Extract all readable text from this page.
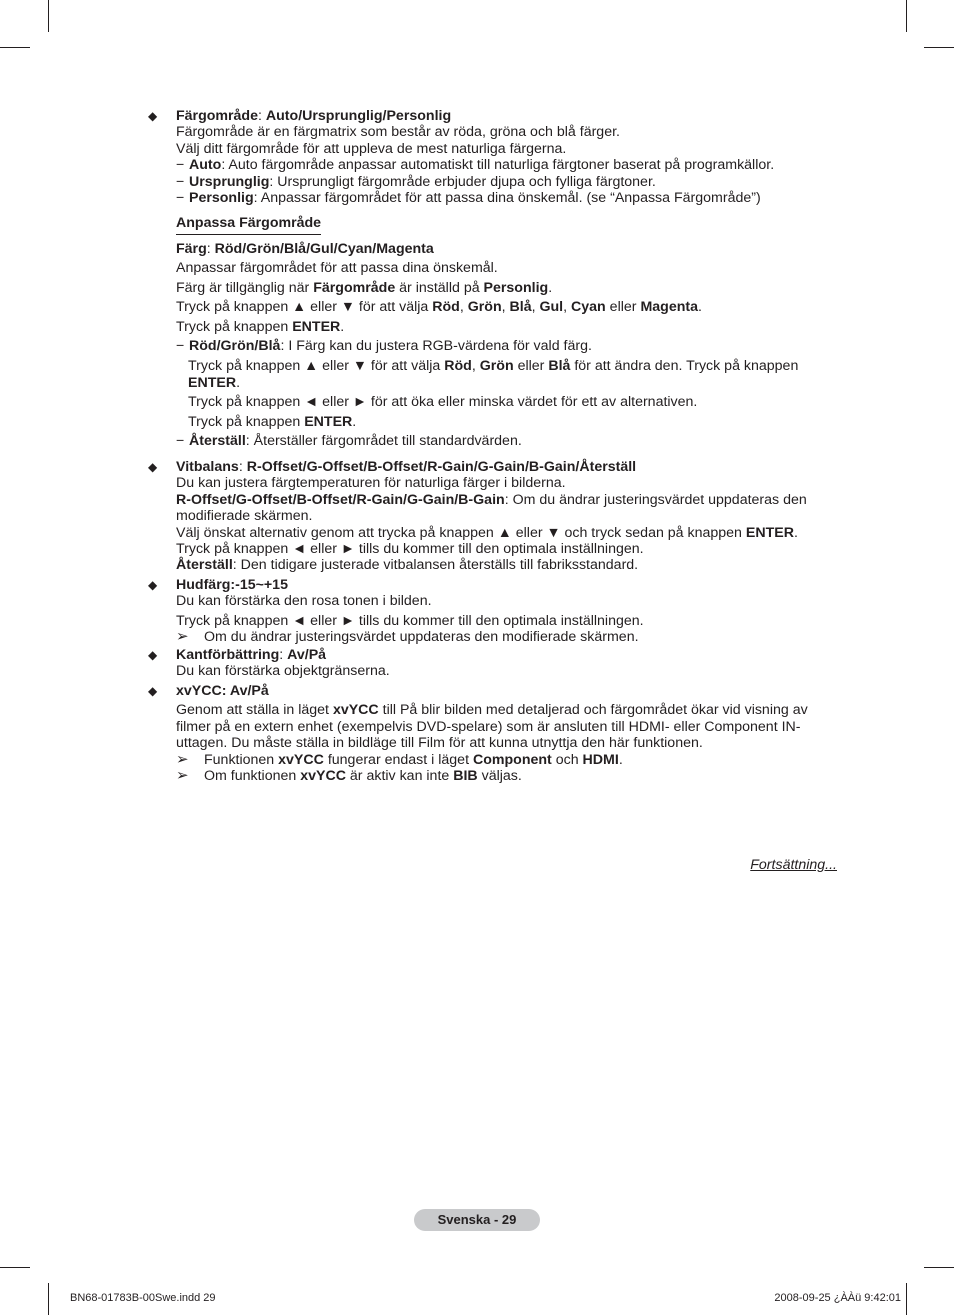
◆ Färgområde: Auto/Ursprunglig/Personlig
Färgområde är en färgmatrix som består av röda, gröna och blå färger.
Välj ditt färgområde för att uppleva de mest naturliga färgerna.
− Auto: Auto färgområde anpassar automatiskt till naturliga färgtoner baserat på programkällor.
− Ursprunglig: Ursprungligt färgområde erbjuder djupa och fylliga färgtoner.
− Personlig: Anpassar färgområdet för att passa dina önskemål. (se “Anpassa Färgområde”)
Anpassa Färgområde
Färg: Röd/Grön/Blå/Gul/Cyan/Magenta
Anpassar färgområdet för att passa dina önskemål.
Färg är tillgänglig när Färgområde är inställd på Personlig.
Tryck på knappen ▲ eller ▼ för att välja Röd, Grön, Blå, Gul, Cyan eller Magenta.
Tryck på knappen ENTER.
− Röd/Grön/Blå: I Färg kan du justera RGB-värdena för vald färg.
Tryck på knappen ▲ eller ▼ för att välja Röd, Grön eller Blå för att ändra den. Tryck på knappen
ENTER.
Tryck på knappen ◄ eller ► för att öka eller minska värdet för ett av alternativen.
Tryck på knappen ENTER.
− Återställ: Återställer färgområdet till standardvärden.
◆ Vitbalans: R-Offset/G-Offset/B-Offset/R-Gain/G-Gain/B-Gain/Återställ
Du kan justera färgtemperaturen för naturliga färger i bilderna.
R-Offset/G-Offset/B-Offset/R-Gain/G-Gain/B-Gain: Om du ändrar justeringsvärdet uppdateras den
modifierade skärmen.
Välj önskat alternativ genom att trycka på knappen ▲ eller ▼ och tryck sedan på knappen ENTER.
Tryck på knappen ◄ eller ► tills du kommer till den optimala inställningen.
Återställ: Den tidigare justerade vitbalansen återställs till fabriksstandard.
◆ Hudfärg:-15~+15
Du kan förstärka den rosa tonen i bilden.
Tryck på knappen ◄ eller ► tills du kommer till den optimala inställningen.
➢ Om du ändrar justeringsvärdet uppdateras den modifierade skärmen.
◆ Kantförbättring: Av/På
Du kan förstärka objektgränserna.
◆ xvYCC: Av/På
Genom att ställa in läget xvYCC till På blir bilden med detaljerad och färgområdet ökar vid visning av filmer på en extern enhet (exempelvis DVD-spelare) som är ansluten till HDMI- eller Component IN-uttagen. Du måste ställa in bildläge till Film för att kunna utnyttja den här funktionen.
➢ Funktionen xvYCC fungerar endast i läget Component och HDMI.
➢ Om funktionen xvYCC är aktiv kan inte BIB väljas.
Fortsättning...
Svenska - 29
BN68-01783B-00Swe.indd 29	2008-09-25 ¿ÀÀü 9:42:01
